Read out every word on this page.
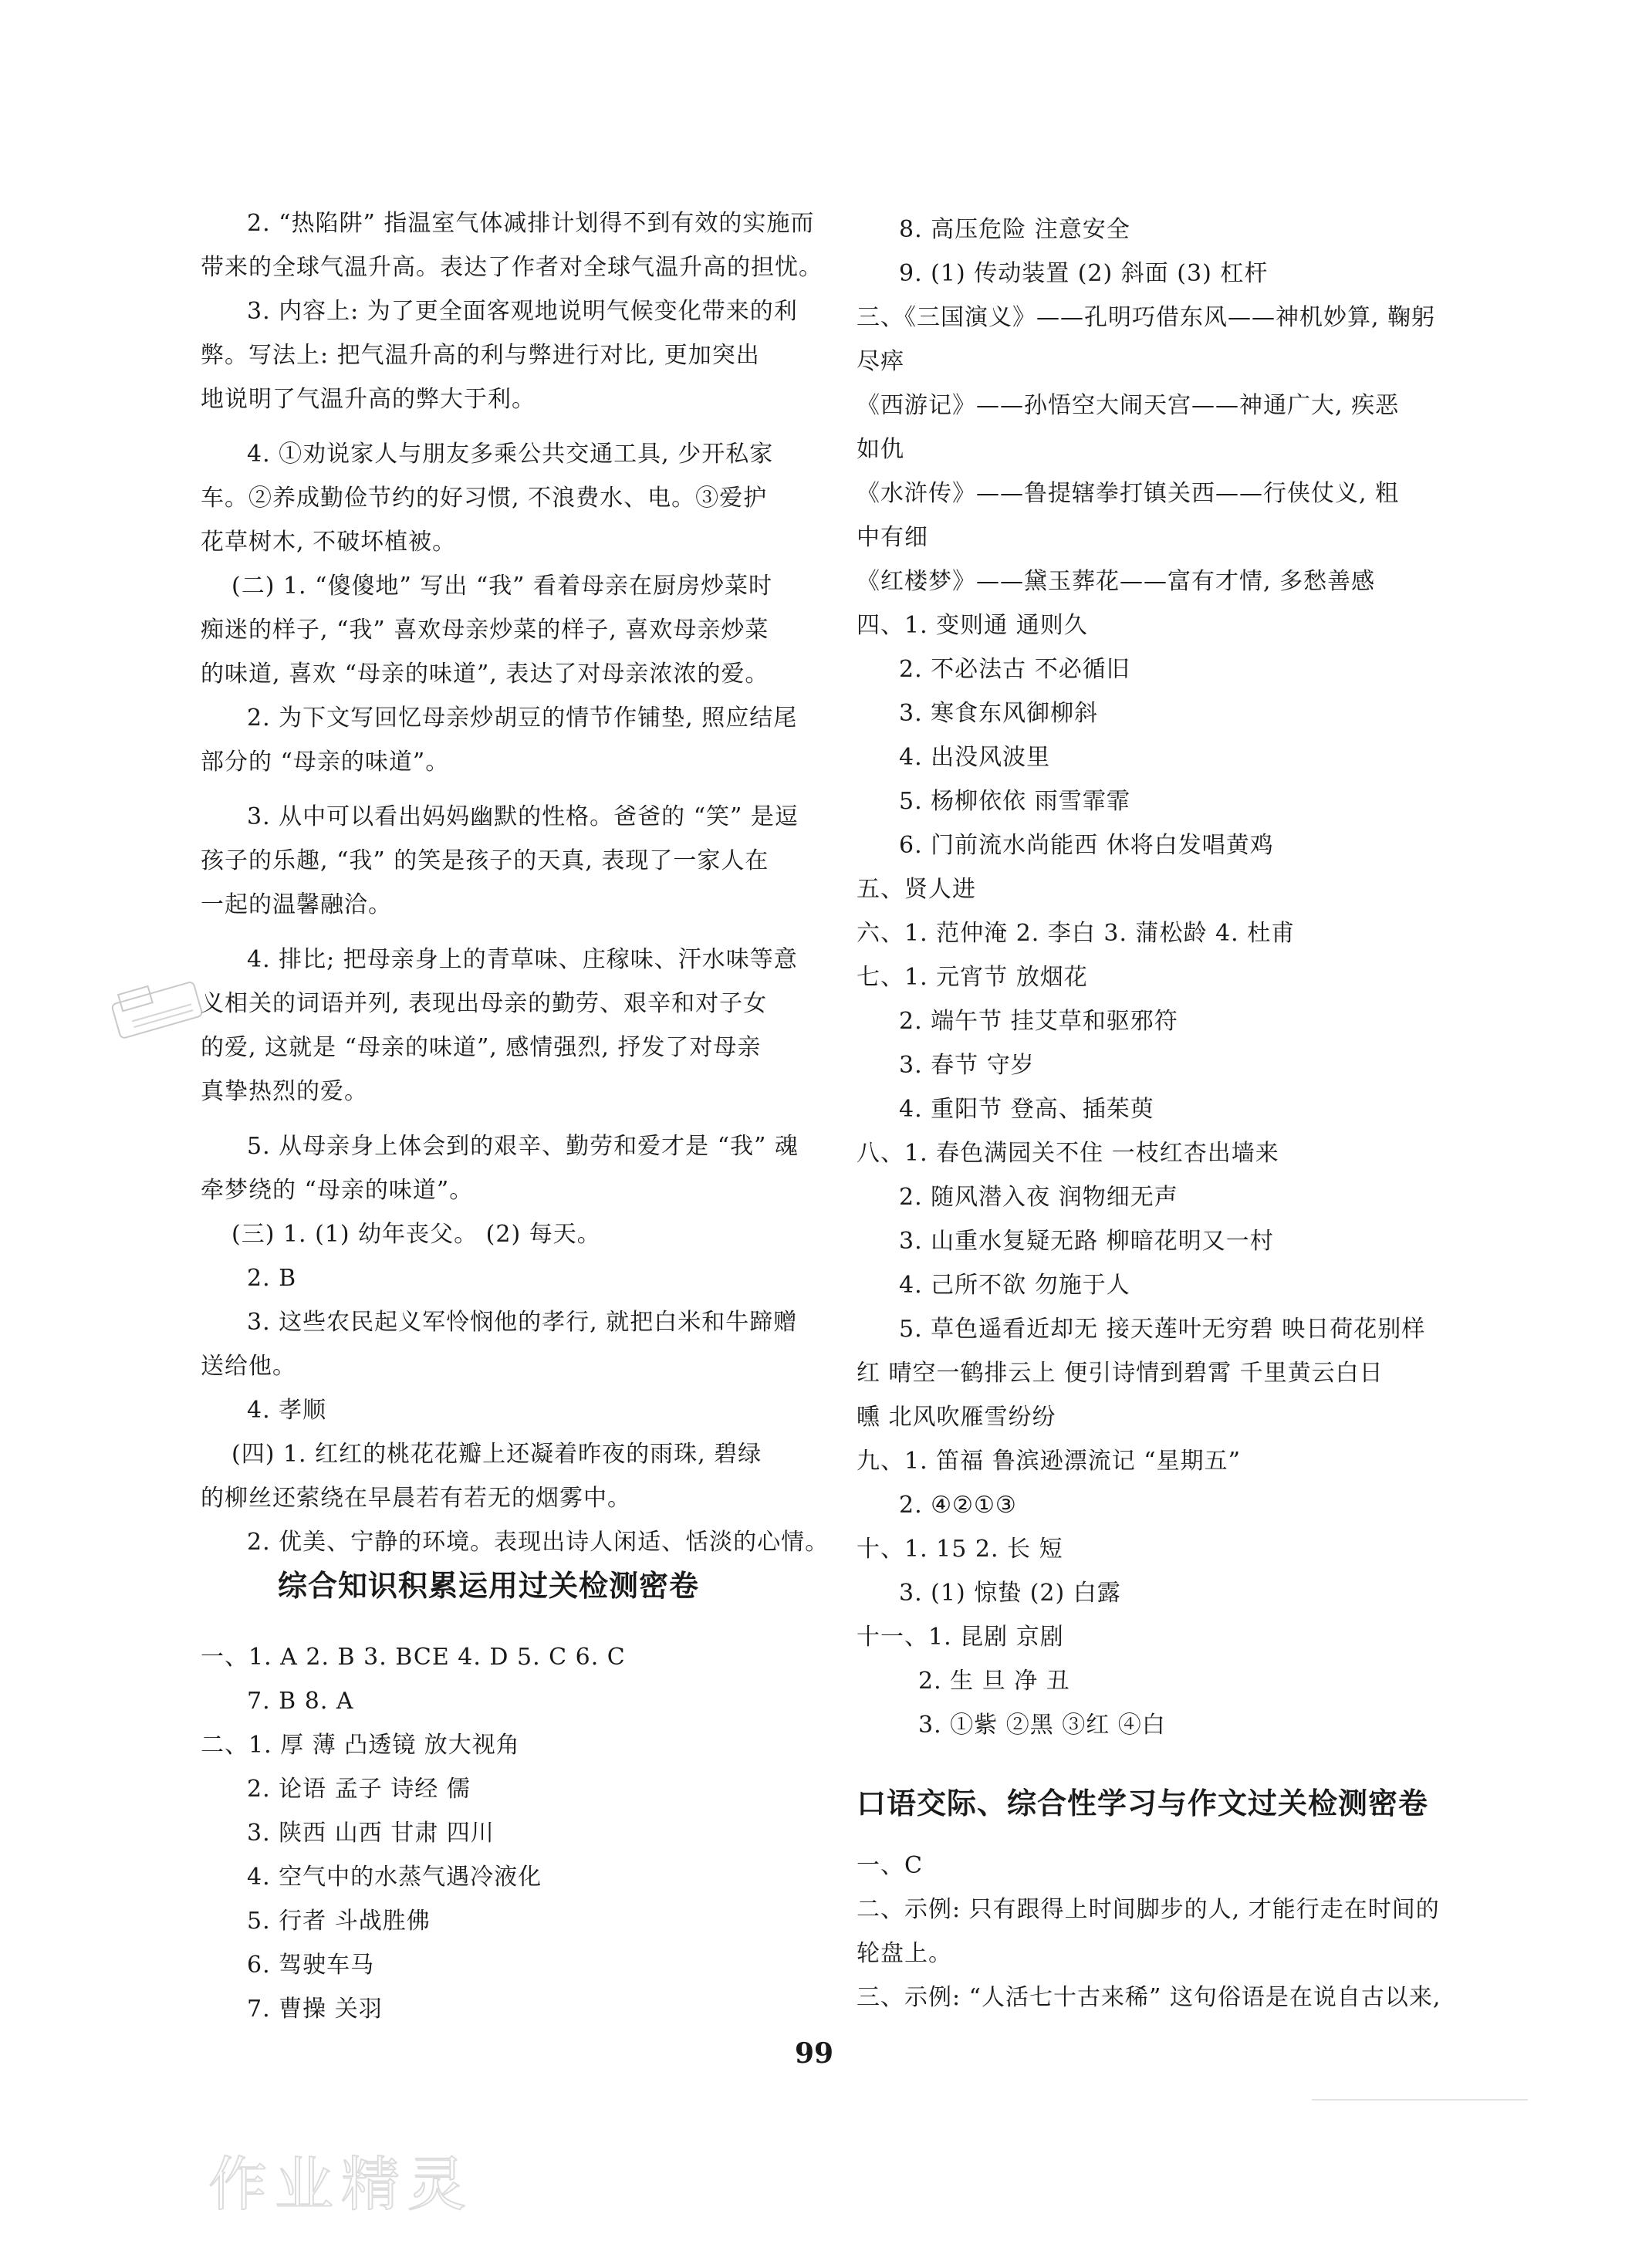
2. “热陷阱” 指温室气体减排计划得不到有效的实施而
带来的全球气温升高。表达了作者对全球气温升高的担忧。
3. 内容上: 为了更全面客观地说明气候变化带来的利
弊。写法上: 把气温升高的利与弊进行对比, 更加突出
地说明了气温升高的弊大于利。
4. ①劝说家人与朋友多乘公共交通工具, 少开私家
车。②养成勤俭节约的好习惯, 不浪费水、电。③爱护
花草树木, 不破坏植被。
(二) 1. “傻傻地” 写出 “我” 看着母亲在厨房炒菜时
痴迷的样子, “我” 喜欢母亲炒菜的样子, 喜欢母亲炒菜
的味道, 喜欢 “母亲的味道”, 表达了对母亲浓浓的爱。
2. 为下文写回忆母亲炒胡豆的情节作铺垫, 照应结尾
部分的 “母亲的味道”。
3. 从中可以看出妈妈幽默的性格。爸爸的 “笑” 是逗
孩子的乐趣, “我” 的笑是孩子的天真, 表现了一家人在
一起的温馨融洽。
4. 排比; 把母亲身上的青草味、庄稼味、汗水味等意
义相关的词语并列, 表现出母亲的勤劳、艰辛和对子女
的爱, 这就是 “母亲的味道”, 感情强烈, 抒发了对母亲
真挚热烈的爱。
5. 从母亲身上体会到的艰辛、勤劳和爱才是 “我” 魂
牵梦绕的 “母亲的味道”。
(三) 1. (1) 幼年丧父。 (2) 每天。
2. B
3. 这些农民起义军怜悯他的孝行, 就把白米和牛蹄赠
送给他。
4. 孝顺
(四) 1. 红红的桃花花瓣上还凝着昨夜的雨珠, 碧绿
的柳丝还萦绕在早晨若有若无的烟雾中。
2. 优美、宁静的环境。表现出诗人闲适、恬淡的心情。
一、1. A 2. B 3. BCE 4. D 5. C 6. C
7. B 8. A
二、1. 厚 薄 凸透镜 放大视角
2. 论语 孟子 诗经 儒
3. 陕西 山西 甘肃 四川
4. 空气中的水蒸气遇冷液化
5. 行者 斗战胜佛
6. 驾驶车马
7. 曹操 关羽
综合知识积累运用过关检测密卷
8. 高压危险 注意安全
9. (1) 传动装置 (2) 斜面 (3) 杠杆
三、《三国演义》——孔明巧借东风——神机妙算, 鞠躬
尽瘁
《西游记》——孙悟空大闹天宫——神通广大, 疾恶
如仇
《水浒传》——鲁提辖拳打镇关西——行侠仗义, 粗
中有细
《红楼梦》——黛玉葬花——富有才情, 多愁善感
四、1. 变则通 通则久
2. 不必法古 不必循旧
3. 寒食东风御柳斜
4. 出没风波里
5. 杨柳依依 雨雪霏霏
6. 门前流水尚能西 休将白发唱黄鸡
五、贤人进
六、1. 范仲淹 2. 李白 3. 蒲松龄 4. 杜甫
七、1. 元宵节 放烟花
2. 端午节 挂艾草和驱邪符
3. 春节 守岁
4. 重阳节 登高、插茱萸
八、1. 春色满园关不住 一枝红杏出墙来
2. 随风潜入夜 润物细无声
3. 山重水复疑无路 柳暗花明又一村
4. 己所不欲 勿施于人
5. 草色遥看近却无 接天莲叶无穷碧 映日荷花别样
红 晴空一鹤排云上 便引诗情到碧霄 千里黄云白日
曛 北风吹雁雪纷纷
九、1. 笛福 鲁滨逊漂流记 “星期五”
2. ④②①③
十、1. 15 2. 长 短
3. (1) 惊蛰 (2) 白露
十一、1. 昆剧 京剧
2. 生 旦 净 丑
3. ①紫 ②黑 ③红 ④白
一、C
二、示例: 只有跟得上时间脚步的人, 才能行走在时间的
轮盘上。
三、示例: “人活七十古来稀” 这句俗语是在说自古以来,
口语交际、综合性学习与作文过关检测密卷
99
作业精灵
